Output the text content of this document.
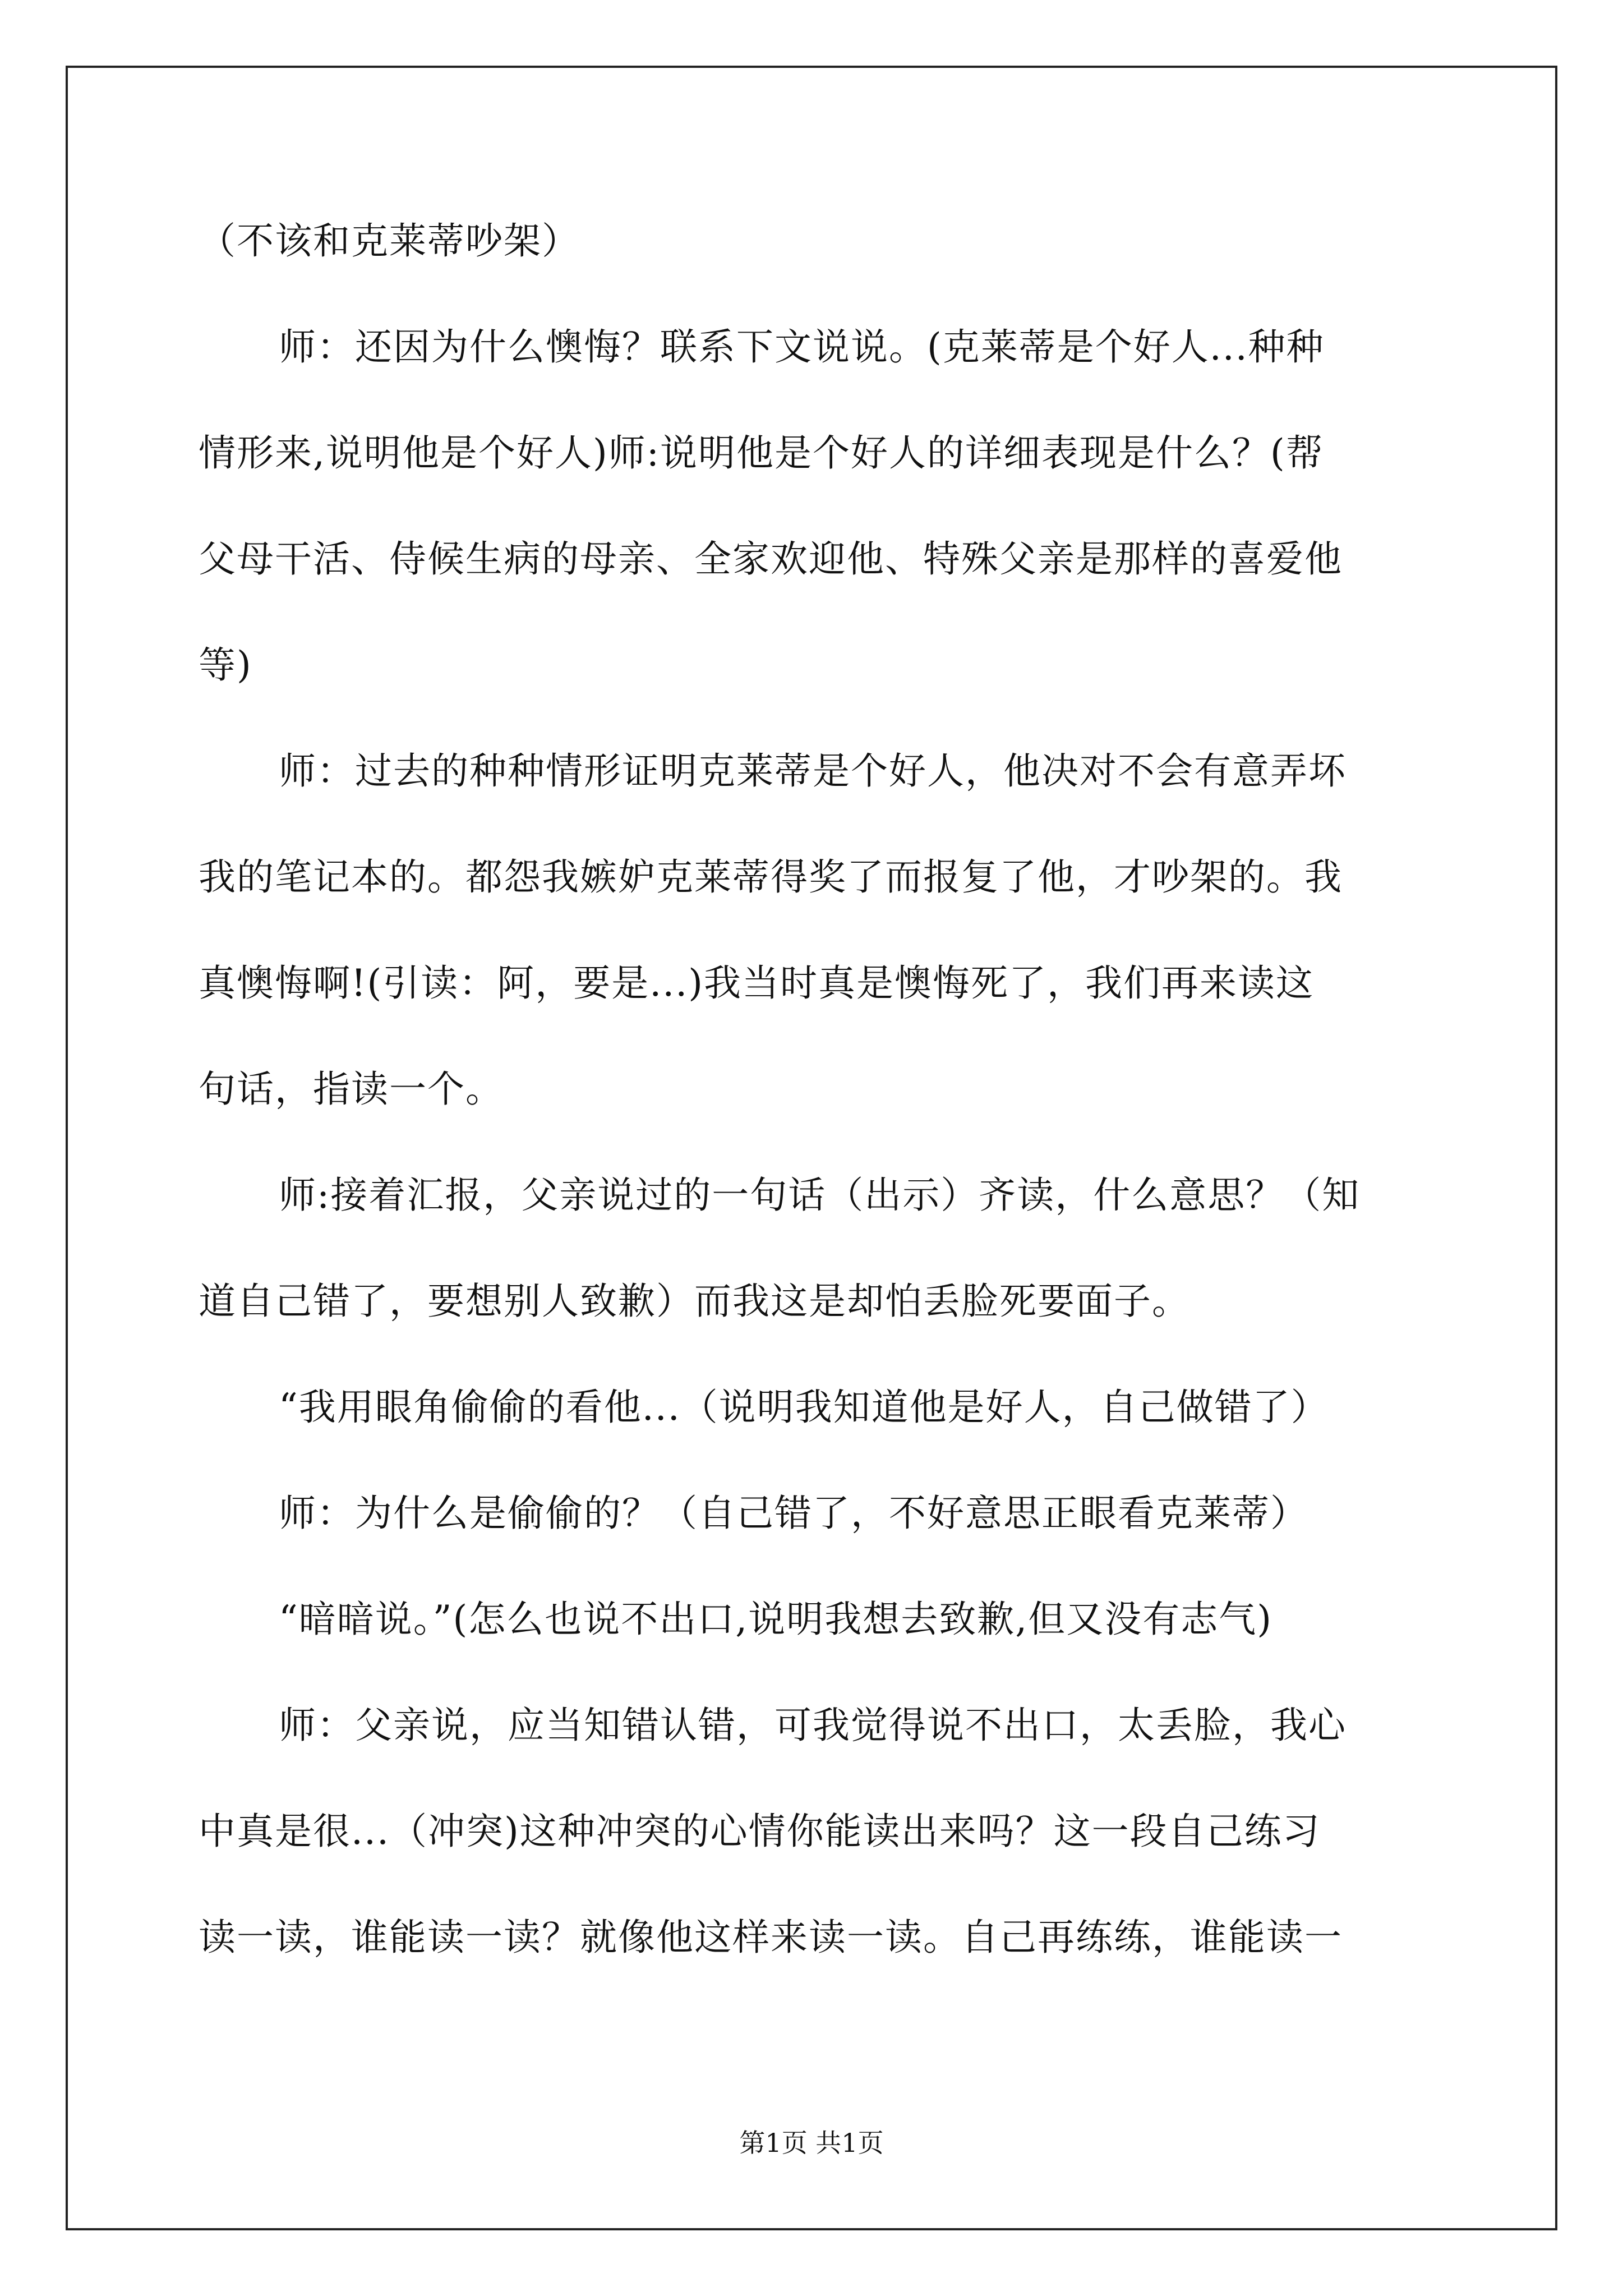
（不该和克莱蒂吵架）
师：还因为什么懊悔？联系下文说说。(克莱蒂是个好人...种种
情形来,说明他是个好人)师:说明他是个好人的详细表现是什么？(帮
父母干活、侍候生病的母亲、全家欢迎他、特殊父亲是那样的喜爱他
等)
师：过去的种种情形证明克莱蒂是个好人，他决对不会有意弄坏
我的笔记本的。都怨我嫉妒克莱蒂得奖了而报复了他，才吵架的。我
真懊悔啊!(引读：阿，要是...)我当时真是懊悔死了，我们再来读这
句话，指读一个。
师:接着汇报，父亲说过的一句话（出示）齐读，什么意思？（知
道自己错了，要想别人致歉）而我这是却怕丢脸死要面子。
“我用眼角偷偷的看他...（说明我知道他是好人，自己做错了）
师：为什么是偷偷的？（自己错了，不好意思正眼看克莱蒂）
“暗暗说。”(怎么也说不出口,说明我想去致歉,但又没有志气)
师：父亲说，应当知错认错，可我觉得说不出口，太丢脸，我心
中真是很...（冲突)这种冲突的心情你能读出来吗？这一段自己练习
读一读，谁能读一读？就像他这样来读一读。自己再练练，谁能读一
第1页 共1页
